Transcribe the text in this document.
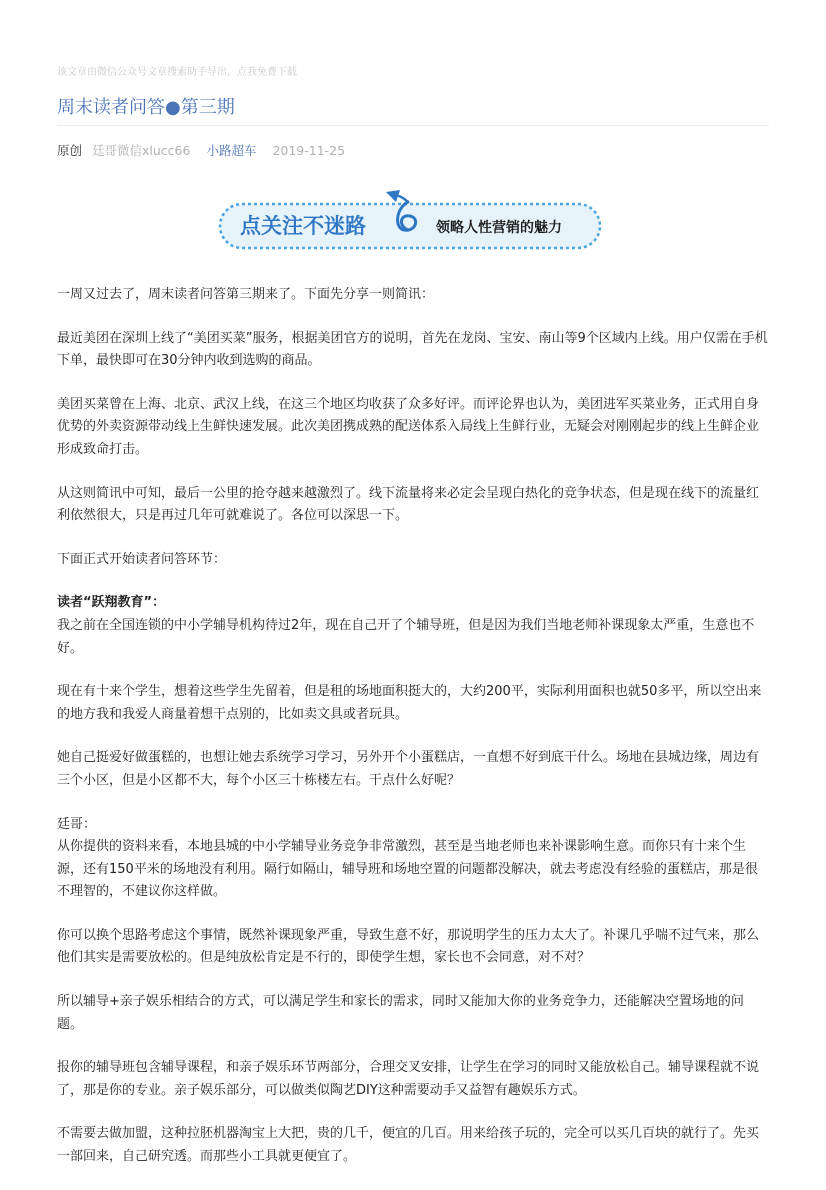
该文章由微信公众号文章搜索助手导出，点我免费下载
周末读者问答●第三期
原创 廷哥微信xlucc66 小路超车 2019-11-25
点关注不迷路	领略人性营销的魅力

一周又过去了，周末读者问答第三期来了。下面先分享一则简讯：

最近美团在深圳上线了“美团买菜”服务，根据美团官方的说明，首先在龙岗、宝安、南山等9个区域内上线。用户仅需在手机下单，最快即可在30分钟内收到选购的商品。

美团买菜曾在上海、北京、武汉上线，在这三个地区均收获了众多好评。而评论界也认为，美团进军买菜业务，正式用自身优势的外卖资源带动线上生鲜快速发展。此次美团携成熟的配送体系入局线上生鲜行业，无疑会对刚刚起步的线上生鲜企业形成致命打击。

从这则简讯中可知，最后一公里的抢夺越来越激烈了。线下流量将来必定会呈现白热化的竞争状态，但是现在线下的流量红利依然很大，只是再过几年可就难说了。各位可以深思一下。

下面正式开始读者问答环节：

读者“跃翔教育”：

我之前在全国连锁的中小学辅导机构待过2年，现在自己开了个辅导班，但是因为我们当地老师补课现象太严重，生意也不好。

现在有十来个学生，想着这些学生先留着，但是租的场地面积挺大的，大约200平，实际利用面积也就50多平，所以空出来的地方我和我爱人商量着想干点别的，比如卖文具或者玩具。

她自己挺爱好做蛋糕的，也想让她去系统学习学习，另外开个小蛋糕店，一直想不好到底干什么。场地在县城边缘，周边有三个小区，但是小区都不大，每个小区三十栋楼左右。干点什么好呢？

廷哥：

从你提供的资料来看，本地县城的中小学辅导业务竞争非常激烈，甚至是当地老师也来补课影响生意。而你只有十来个生源，还有150平米的场地没有利用。隔行如隔山，辅导班和场地空置的问题都没解决，就去考虑没有经验的蛋糕店，那是很不理智的，不建议你这样做。

你可以换个思路考虑这个事情，既然补课现象严重，导致生意不好，那说明学生的压力太大了。补课几乎喘不过气来，那么他们其实是需要放松的。但是纯放松肯定是不行的，即使学生想，家长也不会同意，对不对？

所以辅导+亲子娱乐相结合的方式，可以满足学生和家长的需求，同时又能加大你的业务竞争力，还能解决空置场地的问题。

报你的辅导班包含辅导课程，和亲子娱乐环节两部分，合理交叉安排，让学生在学习的同时又能放松自己。辅导课程就不说了，那是你的专业。亲子娱乐部分，可以做类似陶艺DIY这种需要动手又益智有趣娱乐方式。

不需要去做加盟，这种拉胚机器淘宝上大把，贵的几千，便宜的几百。用来给孩子玩的，完全可以买几百块的就行了。先买一部回来，自己研究透。而那些小工具就更便宜了。
